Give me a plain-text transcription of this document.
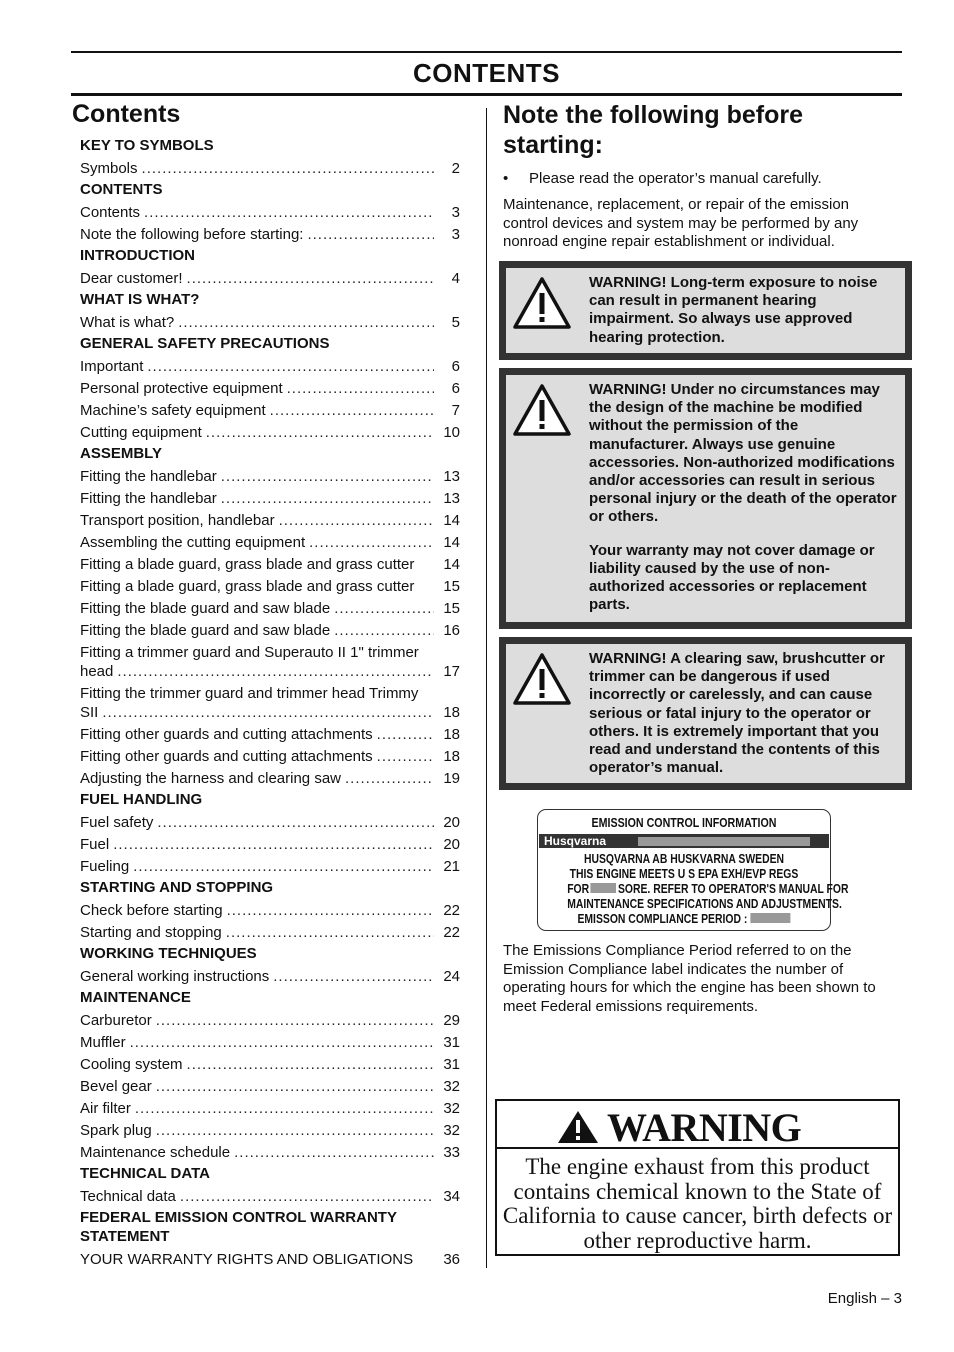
CONTENTS
Contents
KEY TO SYMBOLS
Symbols .....	2
CONTENTS
Contents .....	3
Note the following before starting: .....	3
INTRODUCTION
Dear customer! .....	4
WHAT IS WHAT?
What is what? .....	5
GENERAL SAFETY PRECAUTIONS
Important .....	6
Personal protective equipment .....	6
Machine’s safety equipment .....	7
Cutting equipment .....	10
ASSEMBLY
Fitting the handlebar .....	13
Fitting the handlebar .....	13
Transport position, handlebar .....	14
Assembling the cutting equipment .....	14
Fitting a blade guard, grass blade and grass cutter	14
Fitting a blade guard, grass blade and grass cutter	15
Fitting the blade guard and saw blade .....	15
Fitting the blade guard and saw blade .....	16
Fitting a trimmer guard and Superauto II 1" trimmer
head .....	17
Fitting the trimmer guard and trimmer head Trimmy
SII .....	18
Fitting other guards and cutting attachments .....	18
Fitting other guards and cutting attachments .....	18
Adjusting the harness and clearing saw .....	19
FUEL HANDLING
Fuel safety .....	20
Fuel .....	20
Fueling .....	21
STARTING AND STOPPING
Check before starting .....	22
Starting and stopping .....	22
WORKING TECHNIQUES
General working instructions .....	24
MAINTENANCE
Carburetor .....	29
Muffler .....	31
Cooling system .....	31
Bevel gear .....	32
Air filter .....	32
Spark plug .....	32
Maintenance schedule .....	33
TECHNICAL DATA
Technical data .....	34
FEDERAL EMISSION CONTROL WARRANTY STATEMENT
YOUR WARRANTY RIGHTS AND OBLIGATIONS	36
Note the following before starting:
• Please read the operator’s manual carefully.
Maintenance, replacement, or repair of the emission control devices and system may be performed by any nonroad engine repair establishment or individual.

WARNING! Long-term exposure to noise can result in permanent hearing impairment. So always use approved hearing protection.

WARNING! Under no circumstances may the design of the machine be modified without the permission of the manufacturer. Always use genuine accessories. Non-authorized modifications and/or accessories can result in serious personal injury or the death of the operator or others.

Your warranty may not cover damage or liability caused by the use of non-authorized accessories or replacement parts.

WARNING! A clearing saw, brushcutter or trimmer can be dangerous if used incorrectly or carelessly, and can cause serious or fatal injury to the operator or others. It is extremely important that you read and understand the contents of this operator’s manual.

EMISSION CONTROL INFORMATION
Husqvarna
HUSQVARNA AB HUSKVARNA SWEDEN
THIS ENGINE MEETS U S EPA EXH/EVP REGS
FOR SORE. REFER TO OPERATOR'S MANUAL FOR
MAINTENANCE SPECIFICATIONS AND ADJUSTMENTS.
EMISSON COMPLIANCE PERIOD :
The Emissions Compliance Period referred to on the Emission Compliance label indicates the number of operating hours for which the engine has been shown to meet Federal emissions requirements.
WARNING
The engine exhaust from this product contains chemical known to the State of California to cause cancer, birth defects or other reproductive harm.
English – 3
